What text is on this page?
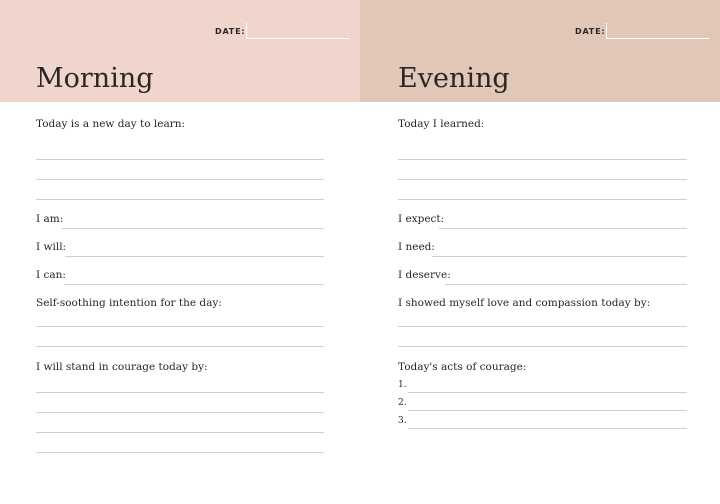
DATE:
Morning
Today is a new day to learn:
I am:
I will:
I can:
Self-soothing intention for the day:
I will stand in courage today by:
DATE:
Evening
Today I learned:
I expect:
I need:
I deserve:
I showed myself love and compassion today by:
Today's acts of courage:
1.
2.
3.
